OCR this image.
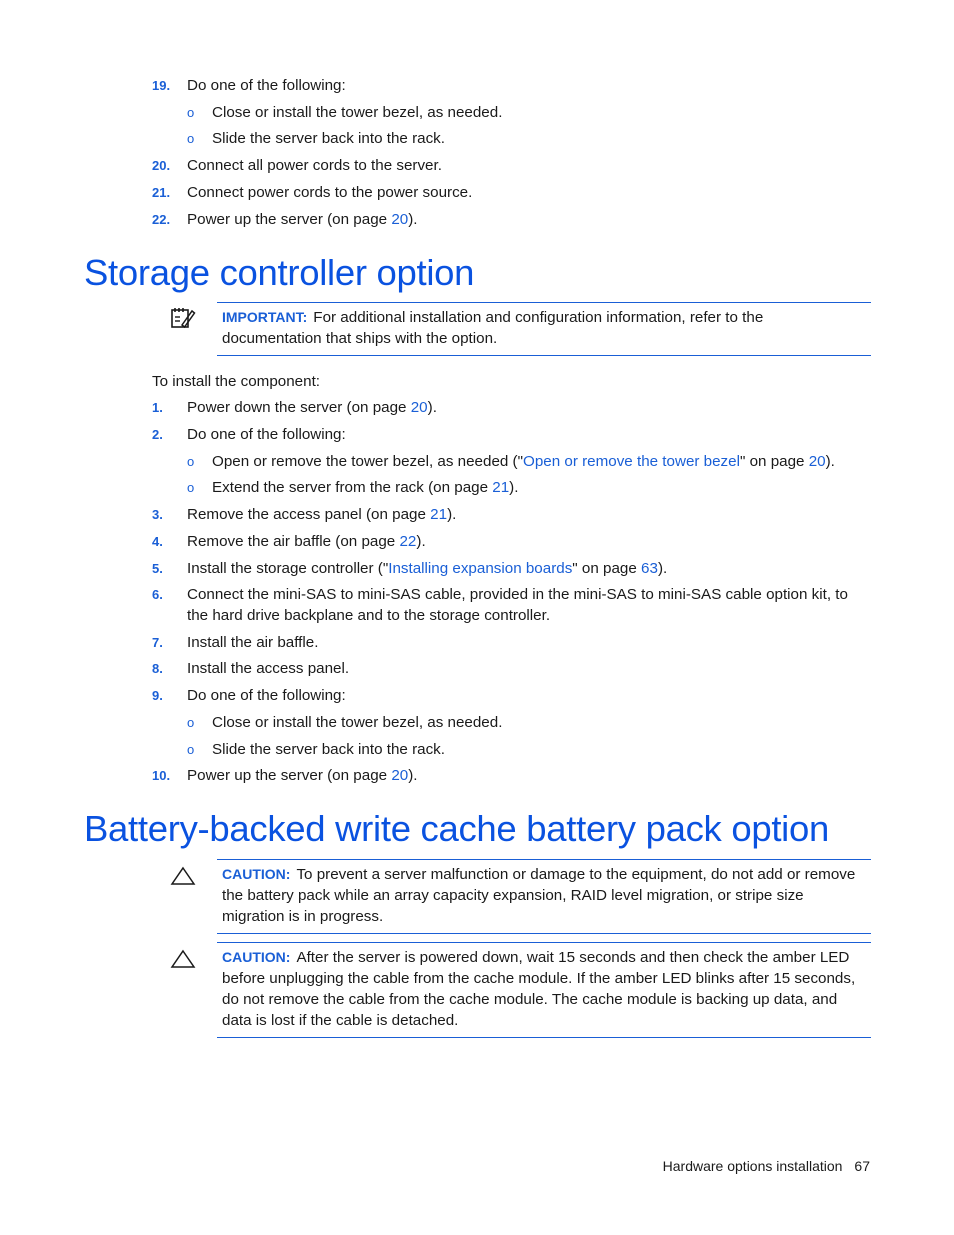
19. Do one of the following:
o Close or install the tower bezel, as needed.
o Slide the server back into the rack.
20. Connect all power cords to the server.
21. Connect power cords to the power source.
22. Power up the server (on page 20).
Storage controller option
IMPORTANT: For additional installation and configuration information, refer to the documentation that ships with the option.
To install the component:
1. Power down the server (on page 20).
2. Do one of the following:
o Open or remove the tower bezel, as needed ("Open or remove the tower bezel" on page 20).
o Extend the server from the rack (on page 21).
3. Remove the access panel (on page 21).
4. Remove the air baffle (on page 22).
5. Install the storage controller ("Installing expansion boards" on page 63).
6. Connect the mini-SAS to mini-SAS cable, provided in the mini-SAS to mini-SAS cable option kit, to the hard drive backplane and to the storage controller.
7. Install the air baffle.
8. Install the access panel.
9. Do one of the following:
o Close or install the tower bezel, as needed.
o Slide the server back into the rack.
10. Power up the server (on page 20).
Battery-backed write cache battery pack option
CAUTION: To prevent a server malfunction or damage to the equipment, do not add or remove the battery pack while an array capacity expansion, RAID level migration, or stripe size migration is in progress.
CAUTION: After the server is powered down, wait 15 seconds and then check the amber LED before unplugging the cable from the cache module. If the amber LED blinks after 15 seconds, do not remove the cable from the cache module. The cache module is backing up data, and data is lost if the cable is detached.
Hardware options installation 67
